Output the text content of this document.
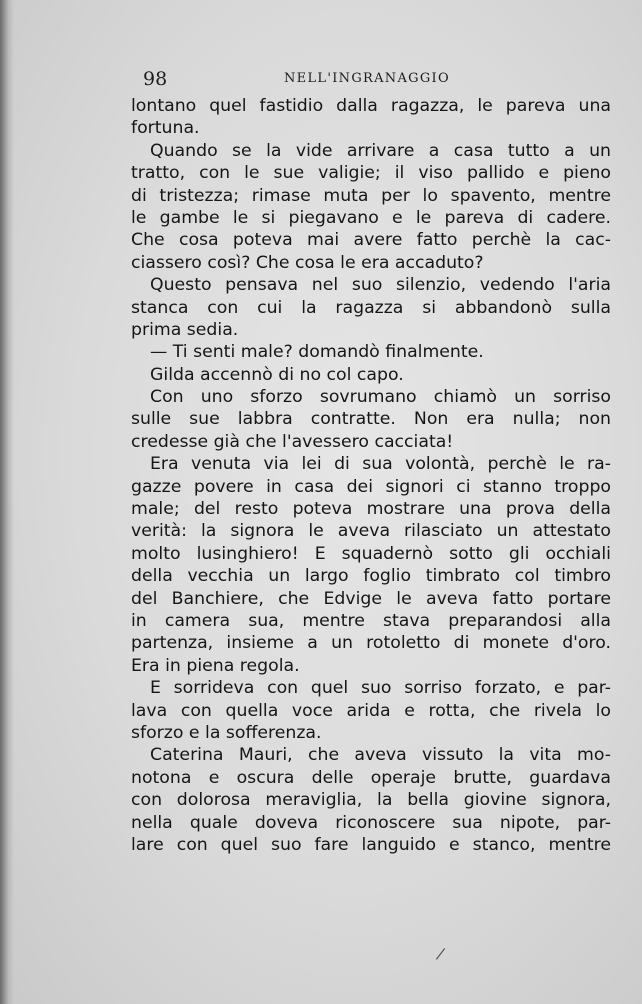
98	NELL'INGRANAGGIO
lontano quel fastidio dalla ragazza, le pareva una
fortuna.
Quando se la vide arrivare a casa tutto a un
tratto, con le sue valigie; il viso pallido e pieno
di tristezza; rimase muta per lo spavento, mentre
le gambe le si piegavano e le pareva di cadere.
Che cosa poteva mai avere fatto perchè la cac-
ciassero così? Che cosa le era accaduto?
Questo pensava nel suo silenzio, vedendo l'aria
stanca con cui la ragazza si abbandonò sulla
prima sedia.
— Ti senti male? domandò finalmente.
Gilda accennò di no col capo.
Con uno sforzo sovrumano chiamò un sorriso
sulle sue labbra contratte. Non era nulla; non
credesse già che l'avessero cacciata!
Era venuta via lei di sua volontà, perchè le ra-
gazze povere in casa dei signori ci stanno troppo
male; del resto poteva mostrare una prova della
verità: la signora le aveva rilasciato un attestato
molto lusinghiero! E squadernò sotto gli occhiali
della vecchia un largo foglio timbrato col timbro
del Banchiere, che Edvige le aveva fatto portare
in camera sua, mentre stava preparandosi alla
partenza, insieme a un rotoletto di monete d'oro.
Era in piena regola.
E sorrideva con quel suo sorriso forzato, e par-
lava con quella voce arida e rotta, che rivela lo
sforzo e la sofferenza.
Caterina Mauri, che aveva vissuto la vita mo-
notona e oscura delle operaje brutte, guardava
con dolorosa meraviglia, la bella giovine signora,
nella quale doveva riconoscere sua nipote, par-
lare con quel suo fare languido e stanco, mentre
/
